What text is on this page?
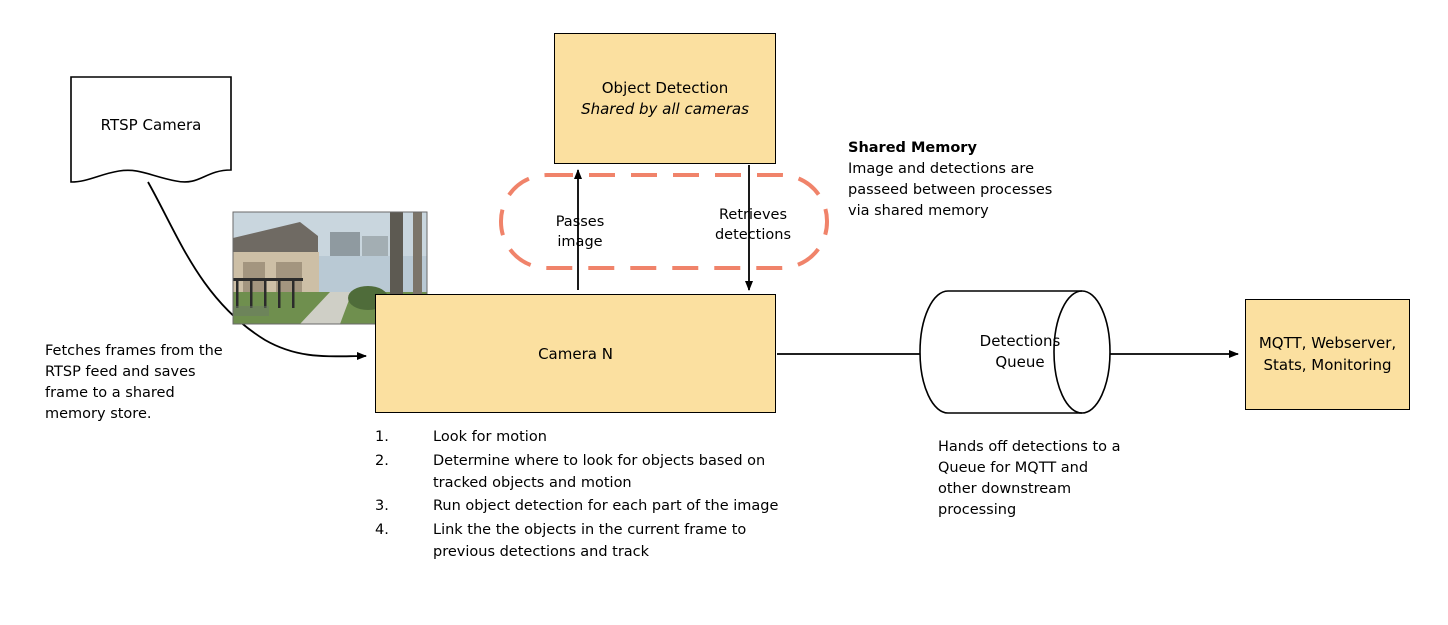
RTSP Camera
Object Detection
Shared by all cameras
Camera N
Detections
Queue
MQTT, Webserver,
Stats, Monitoring
Passes
image
Retrieves
detections
Shared Memory
Image and detections are passeed between processes via shared memory
Fetches frames from the RTSP feed and saves frame to a shared memory store.
Hands off detections to a Queue for MQTT and other downstream processing
1.	Look for motion
2.	Determine where to look for objects based on tracked objects and motion
3.	Run object detection for each part of the image
4.	Link the the objects in the current frame to previous detections and track
